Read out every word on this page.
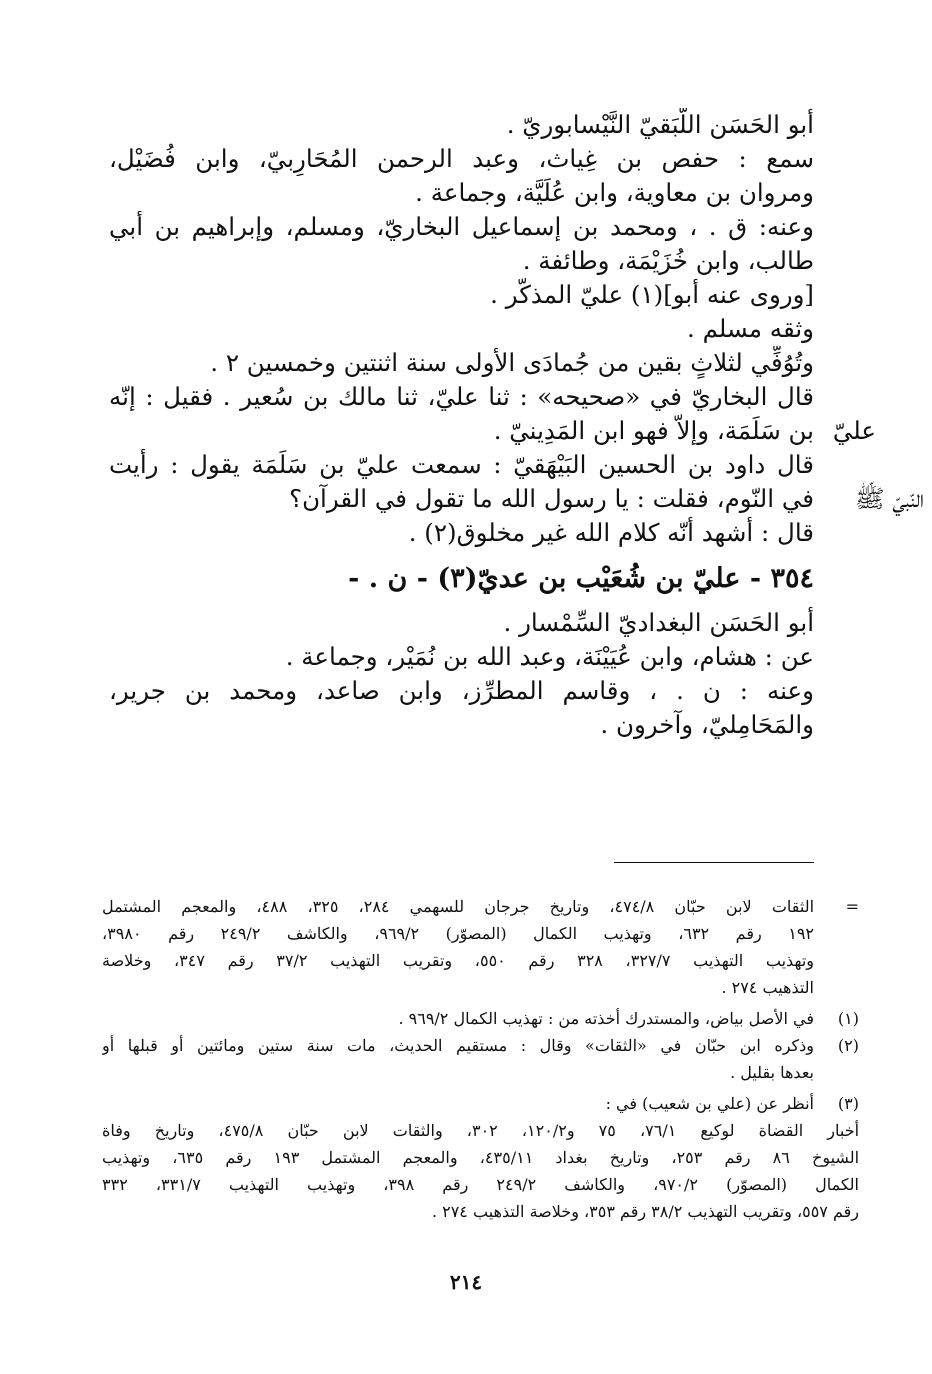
أبو الحَسَن اللَّبَقيّ النَّيْسابوريّ .
سمع : حفص بن غِياث، وعبد الرحمن المُحَارِبيّ، وابن فُضَيْل،
ومروان بن معاوية، وابن عُلَيَّة، وجماعة .
وعنه: ق . ، ومحمد بن إسماعيل البخاريّ، ومسلم، وإبراهيم بن أبي
طالب، وابن خُزَيْمَة، وطائفة .
[وروى عنه أبو](١) عليّ المذكّر .
وثقه مسلم .
وتُوُفِّي لثلاثٍ بقين من جُمادَى الأولى سنة اثنتين وخمسين ٢ .
قال البخاريّ في «صحيحه» : ثنا عليّ، ثنا مالك بن سُعير . فقيل : إنّه
عليّ
بن سَلَمَة، وإلاّ فهو ابن المَدِينيّ .
قال داود بن الحسين البَيْهَقيّ : سمعت عليّ بن سَلَمَة يقول : رأيت
النّبيّ ﷺ
في النّوم، فقلت : يا رسول الله ما تقول في القرآن؟
قال : أشهد أنّه كلام الله غير مخلوق(٢) .
٣٥٤ - عليّ بن شُعَيْب بن عديّ(٣) - ن . -
أبو الحَسَن البغداديّ السِّمْسار .
عن : هشام، وابن عُيَيْنَة، وعبد الله بن نُمَيْر، وجماعة .
وعنه : ن . ، وقاسم المطرِّز، وابن صاعد، ومحمد بن جرير،
والمَحَامِليّ، وآخرون .
=
الثقات لابن حبّان ٤٧٤/٨، وتاريخ جرجان للسهمي ٢٨٤، ٣٢٥، ٤٨٨، والمعجم المشتمل
١٩٢ رقم ٦٣٢، وتهذيب الكمال (المصوّر) ٩٦٩/٢، والكاشف ٢٤٩/٢ رقم ٣٩٨٠،
وتهذيب التهذيب ٣٢٧/٧، ٣٢٨ رقم ٥٥٠، وتقريب التهذيب ٣٧/٢ رقم ٣٤٧، وخلاصة
التذهيب ٢٧٤ .
(١)
في الأصل بياض، والمستدرك أخذته من : تهذيب الكمال ٩٦٩/٢ .
(٢)
وذكره ابن حبّان في «الثقات» وقال : مستقيم الحديث، مات سنة ستين ومائتين أو قبلها أو
بعدها بقليل .
(٣)
أنظر عن (علي بن شعيب) في :
أخبار القضاة لوكيع ٧٦/١، ٧٥ و١٢٠/٢، ٣٠٢، والثقات لابن حبّان ٤٧٥/٨، وتاريخ وفاة
الشيوخ ٨٦ رقم ٢٥٣، وتاريخ بغداد ٤٣٥/١١، والمعجم المشتمل ١٩٣ رقم ٦٣٥، وتهذيب
الكمال (المصوّر) ٩٧٠/٢، والكاشف ٢٤٩/٢ رقم ٣٩٨، وتهذيب التهذيب ٣٣١/٧، ٣٣٢
رقم ٥٥٧، وتقريب التهذيب ٣٨/٢ رقم ٣٥٣، وخلاصة التذهيب ٢٧٤ .
٢١٤
